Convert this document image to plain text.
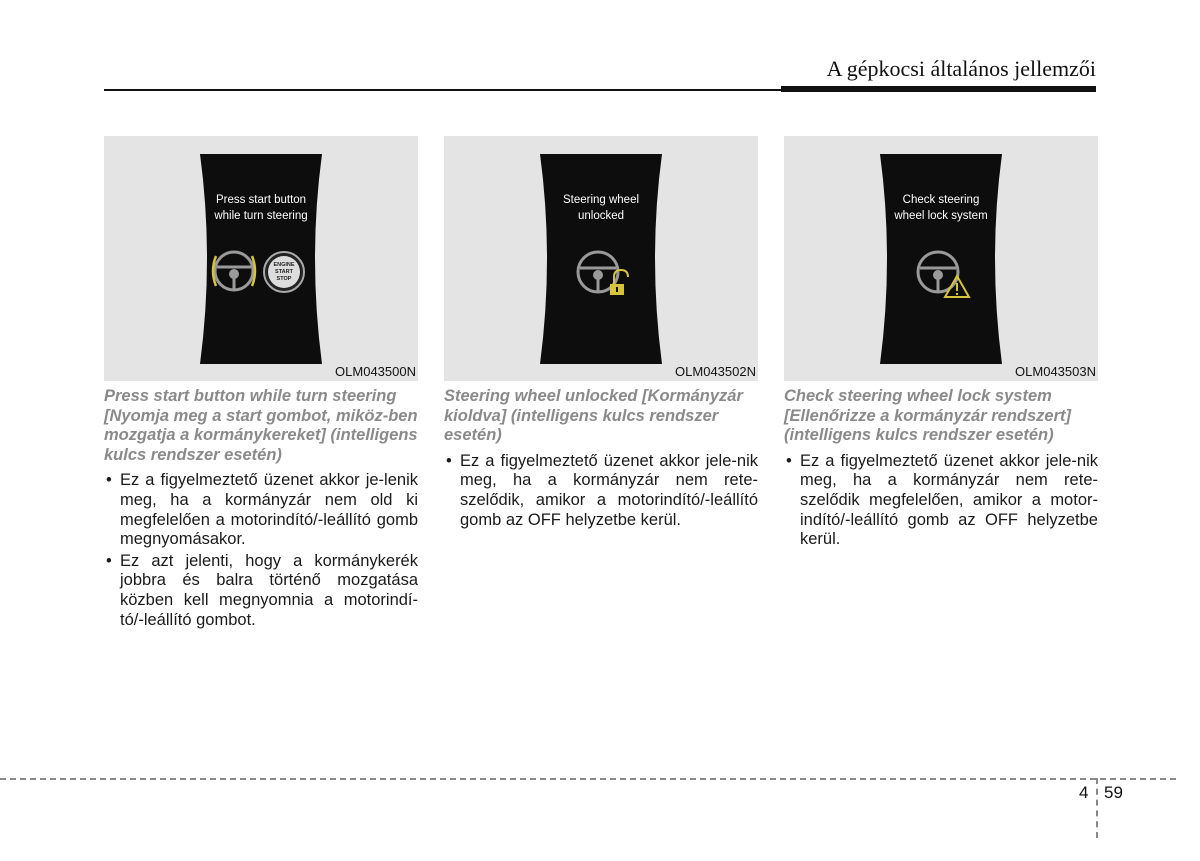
A gépkocsi általános jellemzői
Press start button
while turn steering
ENGINE
START
STOP
OLM043500N
Press start button while turn steering [Nyomja meg a start gombot, miköz-ben mozgatja a kormánykereket] (intelligens kulcs rendszer esetén)
• Ez a figyelmeztető üzenet akkor je-lenik meg, ha a kormányzár nem old ki megfelelően a motorindító/-leállító gomb megnyomásakor.
• Ez azt jelenti, hogy a kormánykerék jobbra és balra történő mozgatása közben kell megnyomnia a motorindí-tó/-leállító gombot.
Steering wheel
unlocked
OLM043502N
Steering wheel unlocked [Kormányzár kioldva] (intelligens kulcs rendszer esetén)
• Ez a figyelmeztető üzenet akkor jele-nik meg, ha a kormányzár nem rete-szelődik, amikor a motorindító/-leállító gomb az OFF helyzetbe kerül.
Check steering
wheel lock system
OLM043503N
Check steering wheel lock system [Ellenőrizze a kormányzár rendszert] (intelligens kulcs rendszer esetén)
• Ez a figyelmeztető üzenet akkor jele-nik meg, ha a kormányzár nem rete-szelődik megfelelően, amikor a motor-indító/-leállító gomb az OFF helyzetbe kerül.
4 59
